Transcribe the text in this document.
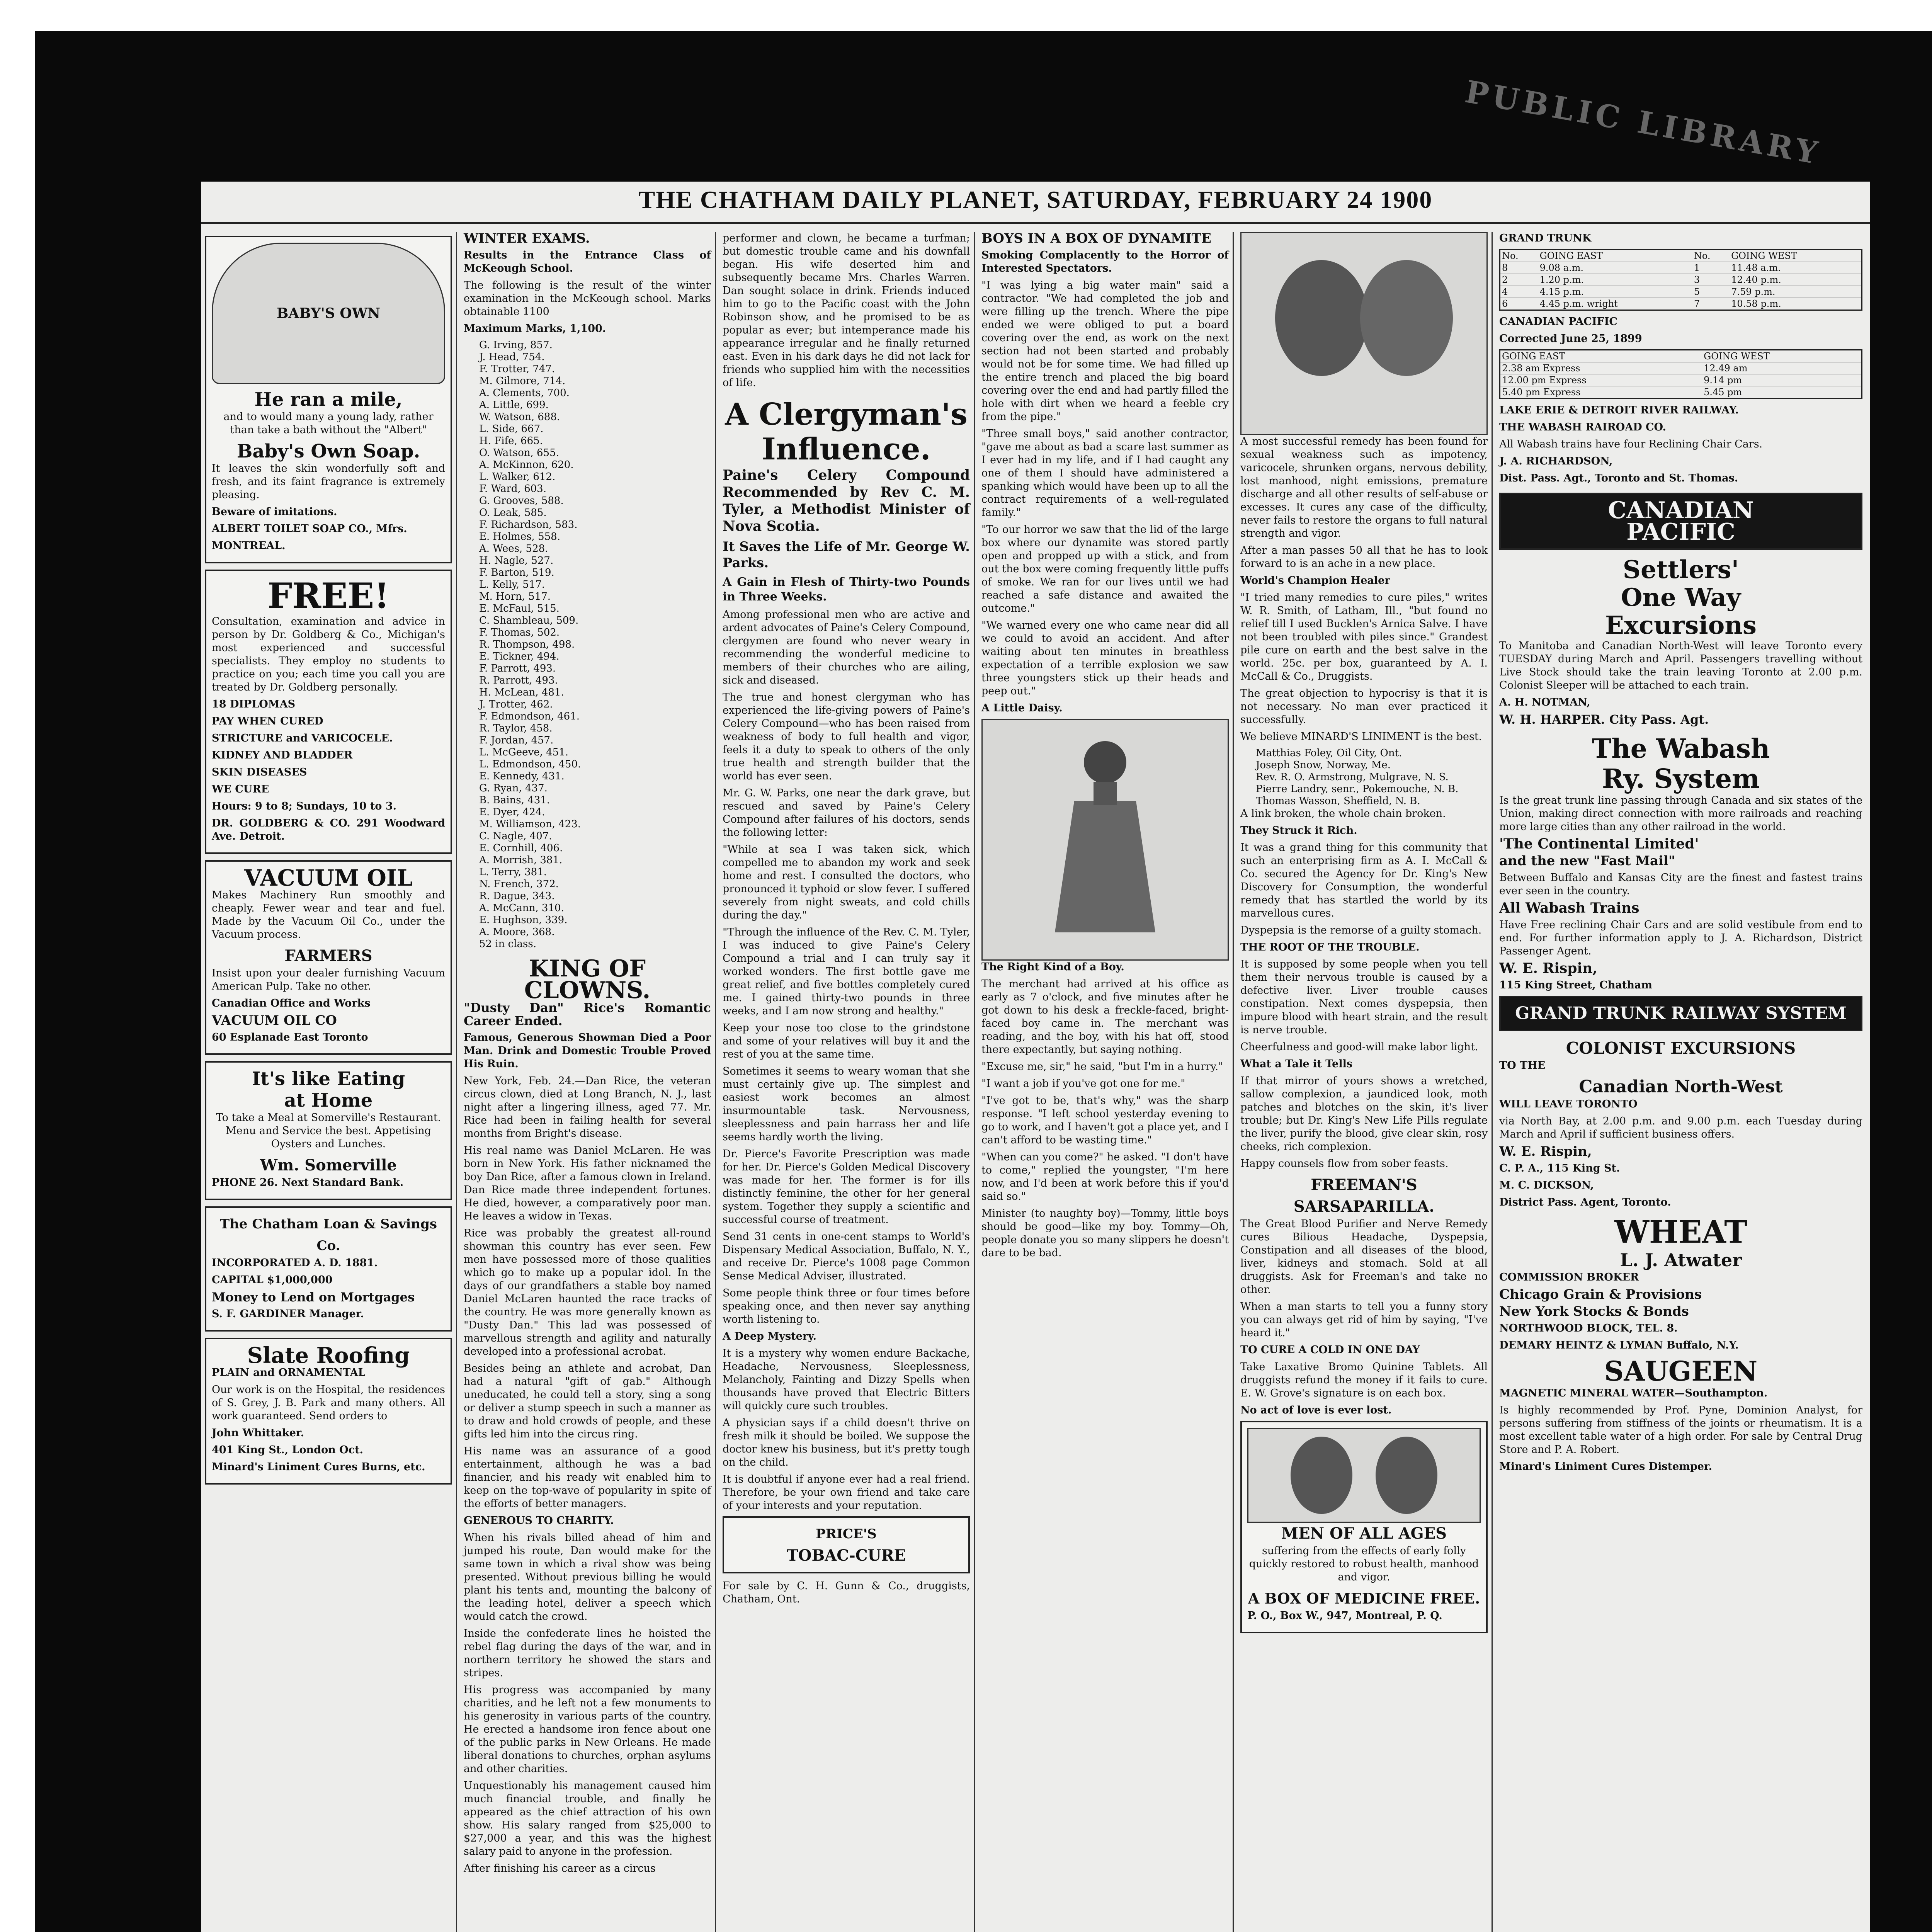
PUBLIC LIBRARY
THE CHATHAM DAILY PLANET, SATURDAY, FEBRUARY 24 1900
BABY'S OWN
He ran a mile,

and to would many a young lady, rather than take a bath without the "Albert"

Baby's Own Soap.

It leaves the skin wonderfully soft and fresh, and its faint fragrance is extremely pleasing.

Beware of imitations.

ALBERT TOILET SOAP CO., Mfrs.

MONTREAL.

FREE!

Consultation, examination and advice in person by Dr. Goldberg & Co., Michigan's most experienced and successful specialists. They employ no students to practice on you; each time you call you are treated by Dr. Goldberg personally.

18 DIPLOMAS

PAY WHEN CURED

STRICTURE and VARICOCELE.

KIDNEY AND BLADDER

SKIN DISEASES

WE CURE

Hours: 9 to 8; Sundays, 10 to 3.

DR. GOLDBERG & CO. 291 Woodward Ave. Detroit.

VACUUM OIL

Makes Machinery Run smoothly and cheaply. Fewer wear and tear and fuel. Made by the Vacuum Oil Co., under the Vacuum process.

FARMERS

Insist upon your dealer furnishing Vacuum American Pulp. Take no other.

Canadian Office and Works

VACUUM OIL CO

60 Esplanade East Toronto

It's like Eating
at Home

To take a Meal at Somerville's Restaurant. Menu and Service the best. Appetising Oysters and Lunches.

Wm. Somerville

PHONE 26. Next Standard Bank.

The Chatham Loan & Savings Co.

INCORPORATED A. D. 1881.

CAPITAL $1,000,000

Money to Lend on Mortgages

S. F. GARDINER Manager.

Slate Roofing

PLAIN and ORNAMENTAL

Our work is on the Hospital, the residences of S. Grey, J. B. Park and many others. All work guaranteed. Send orders to

John Whittaker.

401 King St., London Oct.

Minard's Liniment Cures Burns, etc.

WINTER EXAMS.

Results in the Entrance Class of McKeough School.

The following is the result of the winter examination in the McKeough school. Marks obtainable 1100

Maximum Marks, 1,100.

G. Irving, 857.
J. Head, 754.
F. Trotter, 747.
M. Gilmore, 714.
A. Clements, 700.
A. Little, 699.
W. Watson, 688.
L. Side, 667.
H. Fife, 665.
O. Watson, 655.
A. McKinnon, 620.
L. Walker, 612.
F. Ward, 603.
G. Grooves, 588.
O. Leak, 585.
F. Richardson, 583.
E. Holmes, 558.
A. Wees, 528.
H. Nagle, 527.
F. Barton, 519.
L. Kelly, 517.
M. Horn, 517.
E. McFaul, 515.
C. Shambleau, 509.
F. Thomas, 502.
R. Thompson, 498.
E. Tickner, 494.
F. Parrott, 493.
R. Parrott, 493.
H. McLean, 481.
J. Trotter, 462.
F. Edmondson, 461.
R. Taylor, 458.
F. Jordan, 457.
L. McGeeve, 451.
L. Edmondson, 450.
E. Kennedy, 431.
G. Ryan, 437.
B. Bains, 431.
E. Dyer, 424.
M. Williamson, 423.
C. Nagle, 407.
E. Cornhill, 406.
A. Morrish, 381.
L. Terry, 381.
N. French, 372.
R. Dague, 343.
A. McCann, 310.
E. Hughson, 339.
A. Moore, 368.
52 in class.
KING OF CLOWNS.

"Dusty Dan" Rice's Romantic Career Ended.

Famous, Generous Showman Died a Poor Man. Drink and Domestic Trouble Proved His Ruin.

New York, Feb. 24.—Dan Rice, the veteran circus clown, died at Long Branch, N. J., last night after a lingering illness, aged 77. Mr. Rice had been in failing health for several months from Bright's disease.

His real name was Daniel McLaren. He was born in New York. His father nicknamed the boy Dan Rice, after a famous clown in Ireland. Dan Rice made three independent fortunes. He died, however, a comparatively poor man. He leaves a widow in Texas.

Rice was probably the greatest all-round showman this country has ever seen. Few men have possessed more of those qualities which go to make up a popular idol. In the days of our grandfathers a stable boy named Daniel McLaren haunted the race tracks of the country. He was more generally known as "Dusty Dan." This lad was possessed of marvellous strength and agility and naturally developed into a professional acrobat.

Besides being an athlete and acrobat, Dan had a natural "gift of gab." Although uneducated, he could tell a story, sing a song or deliver a stump speech in such a manner as to draw and hold crowds of people, and these gifts led him into the circus ring.

His name was an assurance of a good entertainment, although he was a bad financier, and his ready wit enabled him to keep on the top-wave of popularity in spite of the efforts of better managers.

GENEROUS TO CHARITY.

When his rivals billed ahead of him and jumped his route, Dan would make for the same town in which a rival show was being presented. Without previous billing he would plant his tents and, mounting the balcony of the leading hotel, deliver a speech which would catch the crowd.

Inside the confederate lines he hoisted the rebel flag during the days of the war, and in northern territory he showed the stars and stripes.

His progress was accompanied by many charities, and he left not a few monuments to his generosity in various parts of the country. He erected a handsome iron fence about one of the public parks in New Orleans. He made liberal donations to churches, orphan asylums and other charities.

Unquestionably his management caused him much financial trouble, and finally he appeared as the chief attraction of his own show. His salary ranged from $25,000 to $27,000 a year, and this was the highest salary paid to anyone in the profession.

After finishing his career as a circus

performer and clown, he became a turfman; but domestic trouble came and his downfall began. His wife deserted him and subsequently became Mrs. Charles Warren. Dan sought solace in drink. Friends induced him to go to the Pacific coast with the John Robinson show, and he promised to be as popular as ever; but intemperance made his appearance irregular and he finally returned east. Even in his dark days he did not lack for friends who supplied him with the necessities of life.

A Clergyman's
Influence.

Paine's Celery Compound Recommended by Rev C. M. Tyler, a Methodist Minister of Nova Scotia.

It Saves the Life of Mr. George W. Parks.

A Gain in Flesh of Thirty-two Pounds in Three Weeks.

Among professional men who are active and ardent advocates of Paine's Celery Compound, clergymen are found who never weary in recommending the wonderful medicine to members of their churches who are ailing, sick and diseased.

The true and honest clergyman who has experienced the life-giving powers of Paine's Celery Compound—who has been raised from weakness of body to full health and vigor, feels it a duty to speak to others of the only true health and strength builder that the world has ever seen.

Mr. G. W. Parks, one near the dark grave, but rescued and saved by Paine's Celery Compound after failures of his doctors, sends the following letter:

"While at sea I was taken sick, which compelled me to abandon my work and seek home and rest. I consulted the doctors, who pronounced it typhoid or slow fever. I suffered severely from night sweats, and cold chills during the day."

"Through the influence of the Rev. C. M. Tyler, I was induced to give Paine's Celery Compound a trial and I can truly say it worked wonders. The first bottle gave me great relief, and five bottles completely cured me. I gained thirty-two pounds in three weeks, and I am now strong and healthy."

Keep your nose too close to the grindstone and some of your relatives will buy it and the rest of you at the same time.

Sometimes it seems to weary woman that she must certainly give up. The simplest and easiest work becomes an almost insurmountable task. Nervousness, sleeplessness and pain harrass her and life seems hardly worth the living.

Dr. Pierce's Favorite Prescription was made for her. Dr. Pierce's Golden Medical Discovery was made for her. The former is for ills distinctly feminine, the other for her general system. Together they supply a scientific and successful course of treatment.

Send 31 cents in one-cent stamps to World's Dispensary Medical Association, Buffalo, N. Y., and receive Dr. Pierce's 1008 page Common Sense Medical Adviser, illustrated.

Some people think three or four times before speaking once, and then never say anything worth listening to.

A Deep Mystery.

It is a mystery why women endure Backache, Headache, Nervousness, Sleeplessness, Melancholy, Fainting and Dizzy Spells when thousands have proved that Electric Bitters will quickly cure such troubles.

A physician says if a child doesn't thrive on fresh milk it should be boiled. We suppose the doctor knew his business, but it's pretty tough on the child.

It is doubtful if anyone ever had a real friend. Therefore, be your own friend and take care of your interests and your reputation.

PRICE'S
TOBAC-CURE

For sale by C. H. Gunn & Co., druggists, Chatham, Ont.

BOYS IN A BOX OF DYNAMITE

Smoking Complacently to the Horror of Interested Spectators.

"I was lying a big water main" said a contractor. "We had completed the job and were filling up the trench. Where the pipe ended we were obliged to put a board covering over the end, as work on the next section had not been started and probably would not be for some time. We had filled up the entire trench and placed the big board covering over the end and had partly filled the hole with dirt when we heard a feeble cry from the pipe."

"Three small boys," said another contractor, "gave me about as bad a scare last summer as I ever had in my life, and if I had caught any one of them I should have administered a spanking which would have been up to all the contract requirements of a well-regulated family."

"To our horror we saw that the lid of the large box where our dynamite was stored partly open and propped up with a stick, and from out the box were coming frequently little puffs of smoke. We ran for our lives until we had reached a safe distance and awaited the outcome."

"We warned every one who came near did all we could to avoid an accident. And after waiting about ten minutes in breathless expectation of a terrible explosion we saw three youngsters stick up their heads and peep out."

A Little Daisy.

The Right Kind of a Boy.

The merchant had arrived at his office as early as 7 o'clock, and five minutes after he got down to his desk a freckle-faced, bright-faced boy came in. The merchant was reading, and the boy, with his hat off, stood there expectantly, but saying nothing.

"Excuse me, sir," he said, "but I'm in a hurry."

"I want a job if you've got one for me."

"I've got to be, that's why," was the sharp response. "I left school yesterday evening to go to work, and I haven't got a place yet, and I can't afford to be wasting time."

"When can you come?" he asked. "I don't have to come," replied the youngster, "I'm here now, and I'd been at work before this if you'd said so."

Minister (to naughty boy)—Tommy, little boys should be good—like my boy. Tommy—Oh, people donate you so many slippers he doesn't dare to be bad.

A most successful remedy has been found for sexual weakness such as impotency, varicocele, shrunken organs, nervous debility, lost manhood, night emissions, premature discharge and all other results of self-abuse or excesses. It cures any case of the difficulty, never fails to restore the organs to full natural strength and vigor.

After a man passes 50 all that he has to look forward to is an ache in a new place.

World's Champion Healer

"I tried many remedies to cure piles," writes W. R. Smith, of Latham, Ill., "but found no relief till I used Bucklen's Arnica Salve. I have not been troubled with piles since." Grandest pile cure on earth and the best salve in the world. 25c. per box, guaranteed by A. I. McCall & Co., Druggists.

The great objection to hypocrisy is that it is not necessary. No man ever practiced it successfully.

We believe MINARD'S LINIMENT is the best.

Matthias Foley, Oil City, Ont.
Joseph Snow, Norway, Me.
Rev. R. O. Armstrong, Mulgrave, N. S.
Pierre Landry, senr., Pokemouche, N. B.
Thomas Wasson, Sheffield, N. B.

A link broken, the whole chain broken.

They Struck it Rich.

It was a grand thing for this community that such an enterprising firm as A. I. McCall & Co. secured the Agency for Dr. King's New Discovery for Consumption, the wonderful remedy that has startled the world by its marvellous cures.

Dyspepsia is the remorse of a guilty stomach.

THE ROOT OF THE TROUBLE.

It is supposed by some people when you tell them their nervous trouble is caused by a defective liver. Liver trouble causes constipation. Next comes dyspepsia, then impure blood with heart strain, and the result is nerve trouble.

Cheerfulness and good-will make labor light.

What a Tale it Tells

If that mirror of yours shows a wretched, sallow complexion, a jaundiced look, moth patches and blotches on the skin, it's liver trouble; but Dr. King's New Life Pills regulate the liver, purify the blood, give clear skin, rosy cheeks, rich complexion.

Happy counsels flow from sober feasts.

FREEMAN'S
SARSAPARILLA.

The Great Blood Purifier and Nerve Remedy cures Bilious Headache, Dyspepsia, Constipation and all diseases of the blood, liver, kidneys and stomach. Sold at all druggists. Ask for Freeman's and take no other.

When a man starts to tell you a funny story you can always get rid of him by saying, "I've heard it."

TO CURE A COLD IN ONE DAY

Take Laxative Bromo Quinine Tablets. All druggists refund the money if it fails to cure. E. W. Grove's signature is on each box.

No act of love is ever lost.

MEN OF ALL AGES

suffering from the effects of early folly quickly restored to robust health, manhood and vigor.

A BOX OF MEDICINE FREE.

P. O., Box W., 947, Montreal, P. Q.

GRAND TRUNK

No.	GOING EAST	No.	GOING WEST
8	9.08 a.m.	1	11.48 a.m.
2	1.20 p.m.	3	12.40 p.m.
4	4.15 p.m.	5	7.59 p.m.
6	4.45 p.m. wright	7	10.58 p.m.

CANADIAN PACIFIC

Corrected June 25, 1899

GOING EAST	GOING WEST
2.38 am Express	12.49 am
12.00 pm Express	9.14 pm
5.40 pm Express	5.45 pm

LAKE ERIE & DETROIT RIVER RAILWAY.

THE WABASH RAIROAD CO.

All Wabash trains have four Reclining Chair Cars.

J. A. RICHARDSON,

Dist. Pass. Agt., Toronto and St. Thomas.

CANADIAN
PACIFIC
Settlers'
One Way
Excursions

To Manitoba and Canadian North-West will leave Toronto every TUESDAY during March and April. Passengers travelling without Live Stock should take the train leaving Toronto at 2.00 p.m. Colonist Sleeper will be attached to each train.

A. H. NOTMAN,

W. H. HARPER. City Pass. Agt.

The Wabash
Ry. System

Is the great trunk line passing through Canada and six states of the Union, making direct connection with more railroads and reaching more large cities than any other railroad in the world.

'The Continental Limited'

and the new "Fast Mail"

Between Buffalo and Kansas City are the finest and fastest trains ever seen in the country.

All Wabash Trains

Have Free reclining Chair Cars and are solid vestibule from end to end. For further information apply to J. A. Richardson, District Passenger Agent.

W. E. Rispin,

115 King Street, Chatham

GRAND TRUNK RAILWAY SYSTEM
COLONIST EXCURSIONS

TO THE

Canadian North-West

WILL LEAVE TORONTO

via North Bay, at 2.00 p.m. and 9.00 p.m. each Tuesday during March and April if sufficient business offers.

W. E. Rispin,

C. P. A., 115 King St.

M. C. DICKSON,

District Pass. Agent, Toronto.

WHEAT
L. J. Atwater

COMMISSION BROKER

Chicago Grain & Provisions

New York Stocks & Bonds

NORTHWOOD BLOCK, TEL. 8.

DEMARY HEINTZ & LYMAN Buffalo, N.Y.

SAUGEEN

MAGNETIC MINERAL WATER—Southampton.

Is highly recommended by Prof. Pyne, Dominion Analyst, for persons suffering from stiffness of the joints or rheumatism. It is a most excellent table water of a high order. For sale by Central Drug Store and P. A. Robert.

Minard's Liniment Cures Distemper.
